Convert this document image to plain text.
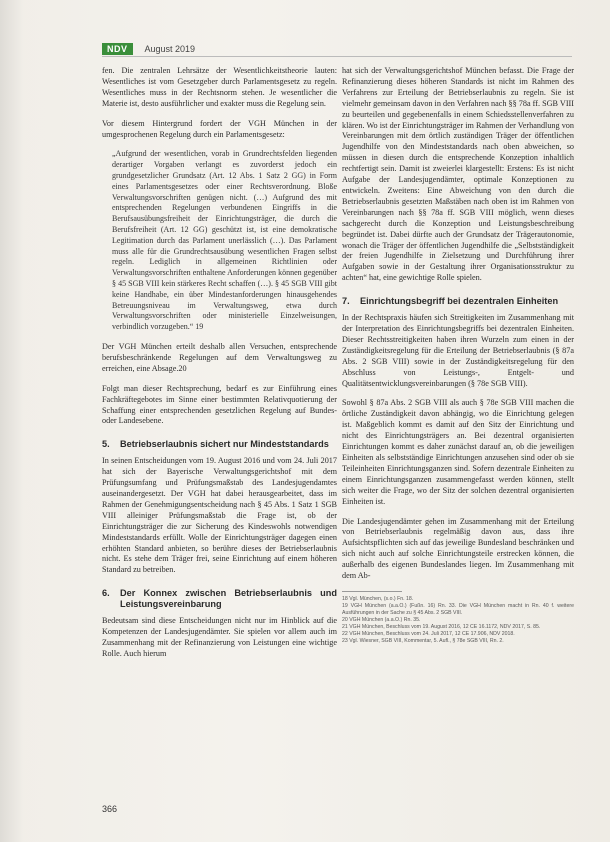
NDV	August 2019

fen. Die zentralen Lehrsätze der Wesentlichkeitstheorie lauten: Wesentliches ist vom Gesetzgeber durch Parlamentsgesetz zu regeln. Wesentliches muss in der Rechtsnorm stehen. Je wesentlicher die Materie ist, desto ausführlicher und exakter muss die Regelung sein.

Vor diesem Hintergrund fordert der VGH München in der umgesprochenen Regelung durch ein Parlamentsgesetz:

„Aufgrund der wesentlichen, vorab in Grundrechtsfelden liegenden derartiger Vorgaben verlangt es zuvorderst jedoch ein grundgesetzlicher Grundsatz (Art. 12 Abs. 1 Satz 2 GG) in Form eines Parlamentsgesetzes oder einer Rechtsverordnung. Bloße Verwaltungsvorschriften genügen nicht. (…) Aufgrund des mit entsprechenden Regelungen verbundenen Eingriffs in die Berufsausübungsfreiheit der Einrichtungsträger, die durch die Berufsfreiheit (Art. 12 GG) geschützt ist, ist eine demokratische Legitimation durch das Parlament unerlässlich (…). Das Parlament muss alle für die Grundrechtsausübung wesentlichen Fragen selbst regeln. Lediglich in allgemeinen Richtlinien oder Verwaltungsvorschriften enthaltene Anforderungen können gegenüber § 45 SGB VIII kein stärkeres Recht schaffen (…). § 45 SGB VIII gibt keine Handhabe, ein über Mindestanforderungen hinausgehendes Betreuungsniveau im Verwaltungsweg, etwa durch Verwaltungsvorschriften oder ministerielle Einzelweisungen, verbindlich vorzugeben.“ 19

Der VGH München erteilt deshalb allen Versuchen, entsprechende berufsbeschränkende Regelungen auf dem Verwaltungsweg zu erreichen, eine Absage.20

Folgt man dieser Rechtsprechung, bedarf es zur Einführung eines Fachkräftegebotes im Sinne einer bestimmten Relativquotierung der Schaffung einer entsprechenden gesetzlichen Regelung auf Bundes- oder Landesebene.

5. Betriebserlaubnis sichert nur Mindeststandards

In seinen Entscheidungen vom 19. August 2016 und vom 24. Juli 2017 hat sich der Bayerische Verwaltungsgerichtshof mit dem Prüfungsumfang und Prüfungsmaßstab des Landesjugendamtes auseinandergesetzt. Der VGH hat dabei herausgearbeitet, dass im Rahmen der Genehmigungsentscheidung nach § 45 Abs. 1 Satz 1 SGB VIII alleiniger Prüfungsmaßstab die Frage ist, ob der Einrichtungsträger die zur Sicherung des Kindeswohls notwendigen Mindeststandards erfüllt. Wolle der Einrichtungsträger dagegen einen erhöhten Standard anbieten, so berühre dieses der Betriebserlaubnis nicht. Es stehe dem Träger frei, seine Einrichtung auf einem höheren Standard zu betreiben.

6. Der Konnex zwischen Betriebserlaubnis und Leistungsvereinbarung

Bedeutsam sind diese Entscheidungen nicht nur im Hinblick auf die Kompetenzen der Landesjugendämter. Sie spielen vor allem auch im Zusammenhang mit der Refinanzierung von Leistungen eine wichtige Rolle. Auch hierum

hat sich der Verwaltungsgerichtshof München befasst. Die Frage der Refinanzierung dieses höheren Standards ist nicht im Rahmen des Verfahrens zur Erteilung der Betriebserlaubnis zu regeln. Sie ist vielmehr gemeinsam davon in den Verfahren nach §§ 78a ff. SGB VIII zu beurteilen und gegebenenfalls in einem Schiedsstellenverfahren zu klären. Wo ist der Einrichtungsträger im Rahmen der Verhandlung von Vereinbarungen mit dem örtlich zuständigen Träger der öffentlichen Jugendhilfe von den Mindeststandards nach oben abweichen, so müssen in diesen durch die entsprechende Konzeption inhaltlich rechtfertigt sein. Damit ist zweierlei klargestellt: Erstens: Es ist nicht Aufgabe der Landesjugendämter, optimale Konzeptionen zu entwickeln. Zweitens: Eine Abweichung von den durch die Betriebserlaubnis gesetzten Maßstäben nach oben ist im Rahmen von Vereinbarungen nach §§ 78a ff. SGB VIII möglich, wenn dieses sachgerecht durch die Konzeption und Leistungsbeschreibung begründet ist. Dabei dürfte auch der Grundsatz der Trägerautonomie, wonach die Träger der öffentlichen Jugendhilfe die „Selbstständigkeit der freien Jugendhilfe in Zielsetzung und Durchführung ihrer Aufgaben sowie in der Gestaltung ihrer Organisationsstruktur zu achten“ hat, eine gewichtige Rolle spielen.

7. Einrichtungsbegriff bei dezentralen Einheiten

In der Rechtspraxis häufen sich Streitigkeiten im Zusammenhang mit der Interpretation des Einrichtungsbegriffs bei dezentralen Einheiten. Dieser Rechtsstreitigkeiten haben ihren Wurzeln zum einen in der Zuständigkeitsregelung für die Erteilung der Betriebserlaubnis (§ 87a Abs. 2 SGB VIII) sowie in der Zuständigkeitsregelung für den Abschluss von Leistungs-, Entgelt- und Qualitätsentwicklungsvereinbarungen (§ 78e SGB VIII).

Sowohl § 87a Abs. 2 SGB VIII als auch § 78e SGB VIII machen die örtliche Zuständigkeit davon abhängig, wo die Einrichtung gelegen ist. Maßgeblich kommt es damit auf den Sitz der Einrichtung und nicht des Einrichtungsträgers an. Bei dezentral organisierten Einrichtungen kommt es daher zunächst darauf an, ob die jeweiligen Einheiten als selbstständige Einrichtungen anzusehen sind oder ob sie Teileinheiten Einrichtungsganzen sind. Sofern dezentrale Einheiten zu einem Einrichtungsganzen zusammengefasst werden können, stellt sich weiter die Frage, wo der Sitz der solchen dezentral organisierten Einheiten ist.

Die Landesjugendämter gehen im Zusammenhang mit der Erteilung von Betriebserlaubnis regelmäßig davon aus, dass ihre Aufsichtspflichten sich auf das jeweilige Bundesland beschränken und sich nicht auch auf solche Einrichtungsteile erstrecken können, die außerhalb des eigenen Bundeslandes liegen. Im Zusammenhang mit dem Ab-

18 Vgl. München, (s.o.) Fn. 18.
19 VGH München (a.a.O.) (Fußn. 16) Rn. 33. Die VGH München macht in Rn. 40 f. weitere Ausführungen in der Sache zu § 45 Abs. 2 SGB VIII.
20 VGH München (a.a.O.) Rn. 35.
21 VGH München, Beschluss vom 19. August 2016, 12 CE 16.1172, NDV 2017, S. 85.
22 VGH München, Beschluss vom 24. Juli 2017, 12 CE 17.906, NDV 2018.
23 Vgl. Wiesner, SGB VIII, Kommentar, 5. Aufl., § 78e SGB VIII, Rn. 2.
366
